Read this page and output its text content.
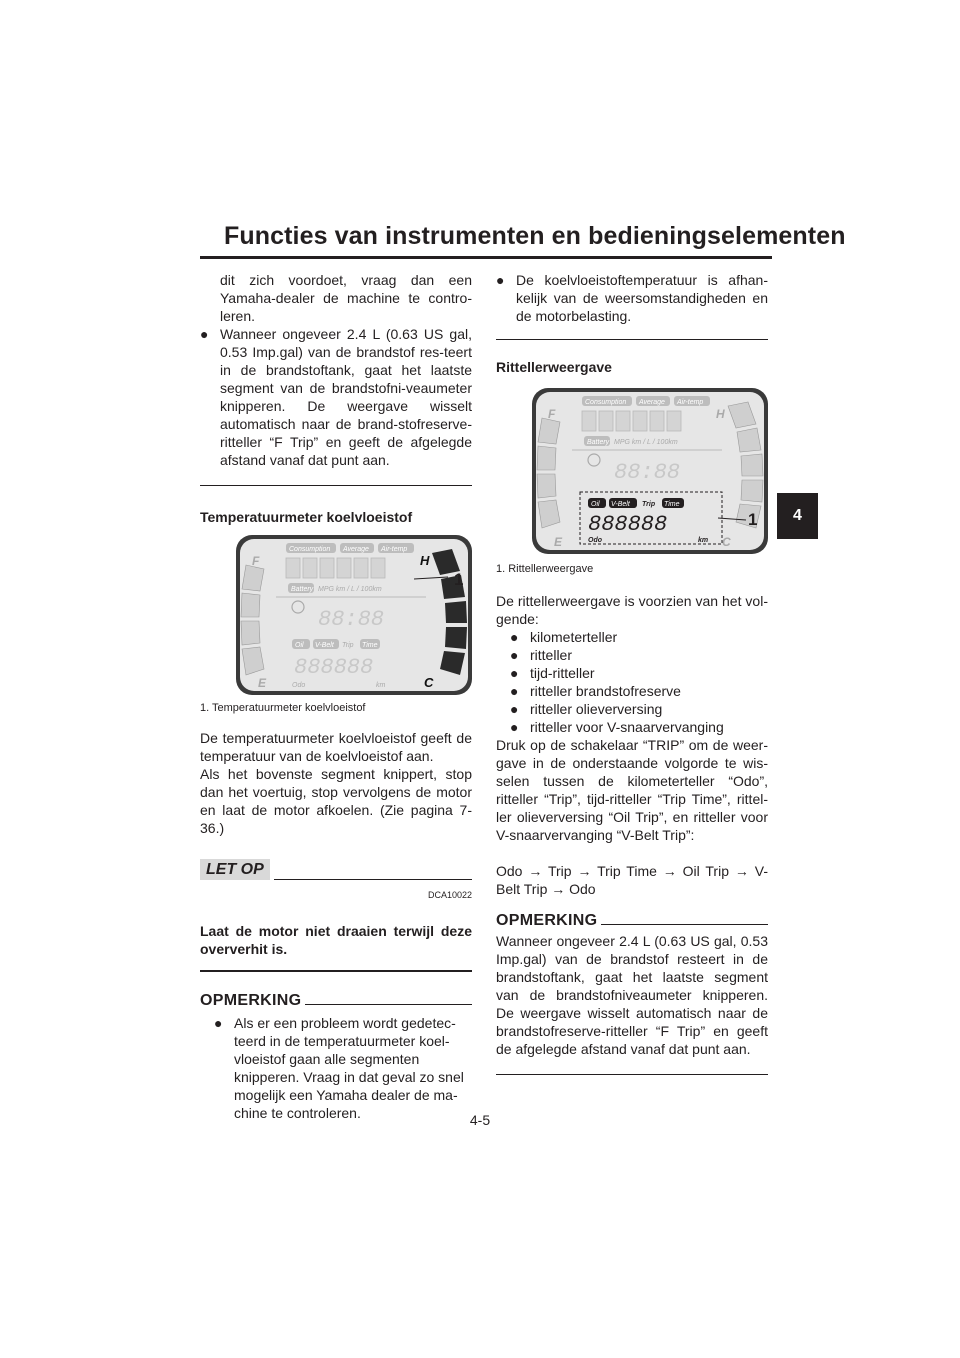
Functies van instrumenten en bedieningselementen
4

dit zich voordoet, vraag dan een Yamaha-dealer de machine te contro-leren.

● Wanneer ongeveer 2.4 L (0.63 US gal, 0.53 Imp.gal) van de brandstof res-teert in de brandstoftank, gaat het laatste segment van de brandstofni-veaumeter knipperen. De weergave wisselt automatisch naar de brand-stofreserve-ritteller “F Trip” en geeft de afgelegde afstand vanaf dat punt aan.

Temperatuurmeter koelvloeistof

F
E
H
C
Consumption Average Air-temp
Battery MPG km / L / 100km
88:88
Oil V-Belt Trip Time
888888
Odo	km
1
1. Temperatuurmeter koelvloeistof

De temperatuurmeter koelvloeistof geeft de temperatuur van de koelvloeistof aan.

Als het bovenste segment knippert, stop dan het voertuig, stop vervolgens de motor en laat de motor afkoelen. (Zie pagina 7-36.)

LET OP
DCA10022

Laat de motor niet draaien terwijl deze oververhit is.

OPMERKING
● Als er een probleem wordt gedetec-teerd in de temperatuurmeter koel-vloeistof gaan alle segmenten knipperen. Vraag in dat geval zo snel mogelijk een Yamaha dealer de ma-chine te controleren.
● De koelvloeistoftemperatuur is afhan-kelijk van de weersomstandigheden en de motorbelasting.

Rittellerweergave

F
E
H
C
Consumption Average Air-temp
Battery MPG km / L / 100km
88:88
Oil V-Belt Trip Time
888888
Odo	km
1
1. Rittellerweergave

De rittellerweergave is voorzien van het vol-gende:

● kilometerteller
● ritteller
● tijd-ritteller
● ritteller brandstofreserve
● ritteller olieverversing
● ritteller voor V-snaarvervanging

Druk op de schakelaar “TRIP” om de weer-gave in de onderstaande volgorde te wis-selen tussen de kilometerteller “Odo”, ritteller “Trip”, tijd-ritteller “Trip Time”, rittel-ler olieverversing “Oil Trip”, en ritteller voor V-snaarvervanging “V-Belt Trip”:

Odo → Trip → Trip Time → Oil Trip → V-Belt Trip → Odo

OPMERKING

Wanneer ongeveer 2.4 L (0.63 US gal, 0.53 Imp.gal) van de brandstof resteert in de brandstoftank, gaat het laatste segment van de brandstofniveaumeter knipperen. De weergave wisselt automatisch naar de brandstofreserve-ritteller “F Trip” en geeft de afgelegde afstand vanaf dat punt aan.

4-5
